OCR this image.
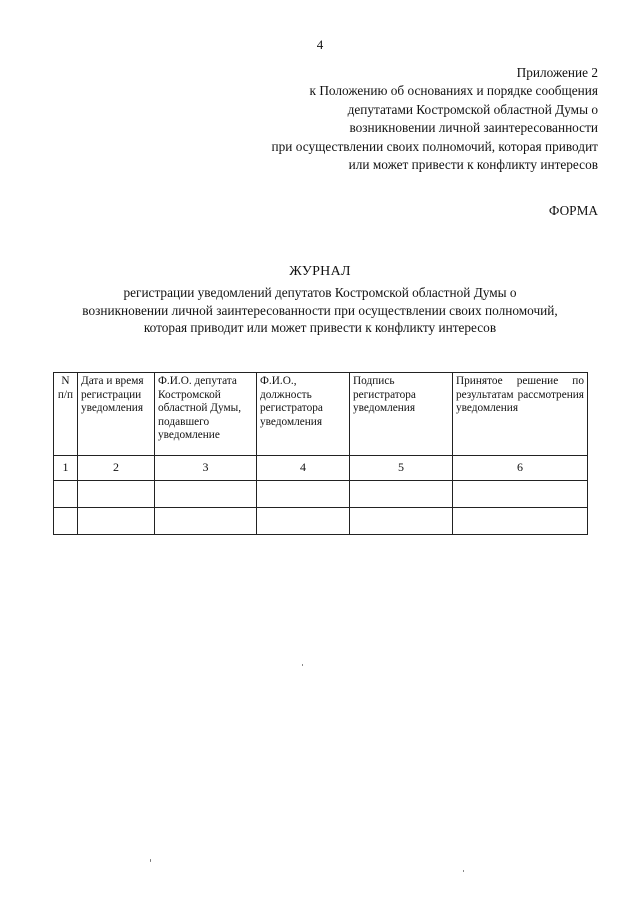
4
Приложение 2
к Положению об основаниях и порядке сообщения
депутатами Костромской областной Думы о
возникновении личной заинтересованности
при осуществлении своих полномочий, которая приводит
или может привести к конфликту интересов
ФОРМА
ЖУРНАЛ
регистрации уведомлений депутатов Костромской областной Думы о
возникновении личной заинтересованности при осуществлении своих полномочий,
которая приводит или может привести к конфликту интересов
N п/п	Дата и время регистрации уведомления	Ф.И.О. депутата Костромской областной Думы, подавшего уведомление	Ф.И.О., должность регистратора уведомления	Подпись регистратора уведомления	Принятое решение по результатам рассмотрения уведомления
1	2	3	4	5	6
